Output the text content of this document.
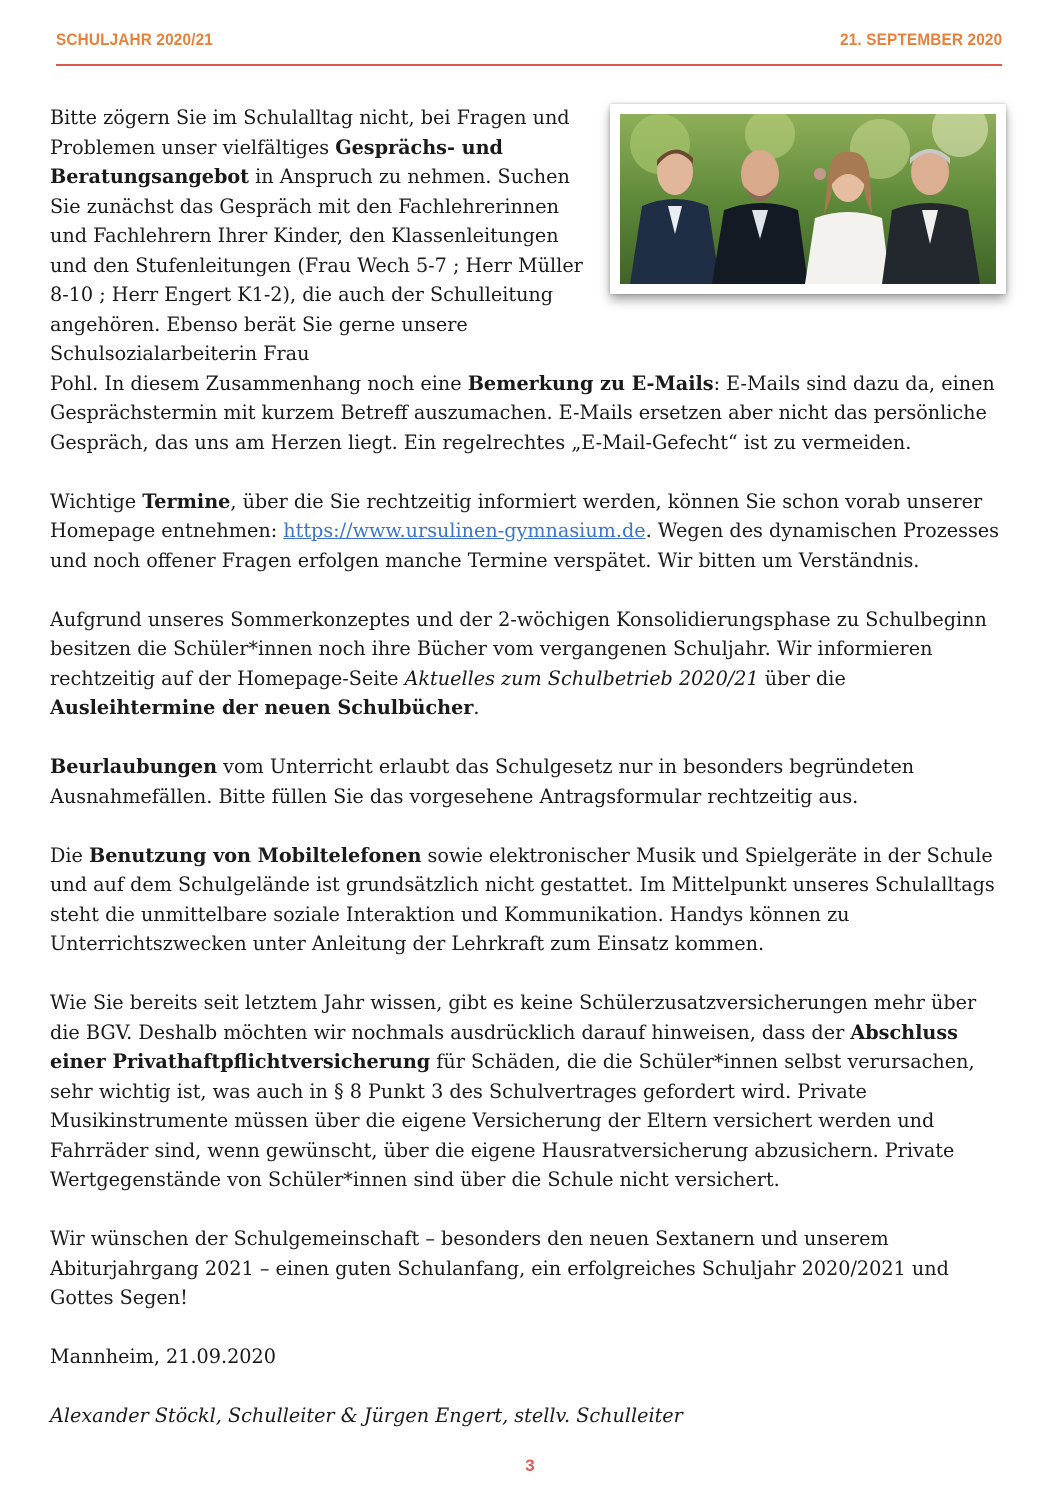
SCHULJAHR 2020/21	21. SEPTEMBER 2020

Bitte zögern Sie im Schulalltag nicht, bei Fragen und Problemen unser vielfältiges Gesprächs- und Beratungsangebot in Anspruch zu nehmen. Suchen Sie zunächst das Gespräch mit den Fachlehrerinnen und Fachlehrern Ihrer Kinder, den Klassenleitungen und den Stufenleitungen (Frau Wech 5-7 ; Herr Müller 8-10 ; Herr Engert K1-2), die auch der Schulleitung angehören. Ebenso berät Sie gerne unsere Schulsozialarbeiterin Frau
Pohl. In diesem Zusammenhang noch eine Bemerkung zu E-Mails: E-Mails sind dazu da, einen Gesprächstermin mit kurzem Betreff auszumachen. E-Mails ersetzen aber nicht das persönliche Gespräch, das uns am Herzen liegt. Ein regelrechtes „E-Mail-Gefecht“ ist zu vermeiden.

Wichtige Termine, über die Sie rechtzeitig informiert werden, können Sie schon vorab unserer Homepage entnehmen: https://www.ursulinen-gymnasium.de. Wegen des dynamischen Prozesses und noch offener Fragen erfolgen manche Termine verspätet. Wir bitten um Verständnis.

Aufgrund unseres Sommerkonzeptes und der 2-wöchigen Konsolidierungsphase zu Schulbeginn besitzen die Schüler*innen noch ihre Bücher vom vergangenen Schuljahr. Wir informieren rechtzeitig auf der Homepage-Seite Aktuelles zum Schulbetrieb 2020/21 über die Ausleihtermine der neuen Schulbücher.

Beurlaubungen vom Unterricht erlaubt das Schulgesetz nur in besonders begründeten Ausnahmefällen. Bitte füllen Sie das vorgesehene Antragsformular rechtzeitig aus.

Die Benutzung von Mobiltelefonen sowie elektronischer Musik und Spielgeräte in der Schule und auf dem Schulgelände ist grundsätzlich nicht gestattet. Im Mittelpunkt unseres Schulalltags steht die unmittelbare soziale Interaktion und Kommunikation. Handys können zu Unterrichtszwecken unter Anleitung der Lehrkraft zum Einsatz kommen.

Wie Sie bereits seit letztem Jahr wissen, gibt es keine Schülerzusatzversicherungen mehr über die BGV. Deshalb möchten wir nochmals ausdrücklich darauf hinweisen, dass der Abschluss einer Privathaftpflichtversicherung für Schäden, die die Schüler*innen selbst verursachen, sehr wichtig ist, was auch in § 8 Punkt 3 des Schulvertrages gefordert wird. Private Musikinstrumente müssen über die eigene Versicherung der Eltern versichert werden und Fahrräder sind, wenn gewünscht, über die eigene Hausratversicherung abzusichern. Private Wertgegenstände von Schüler*innen sind über die Schule nicht versichert.

Wir wünschen der Schulgemeinschaft – besonders den neuen Sextanern und unserem Abiturjahrgang 2021 – einen guten Schulanfang, ein erfolgreiches Schuljahr 2020/2021 und Gottes Segen!

Mannheim, 21.09.2020

Alexander Stöckl, Schulleiter & Jürgen Engert, stellv. Schulleiter

3
